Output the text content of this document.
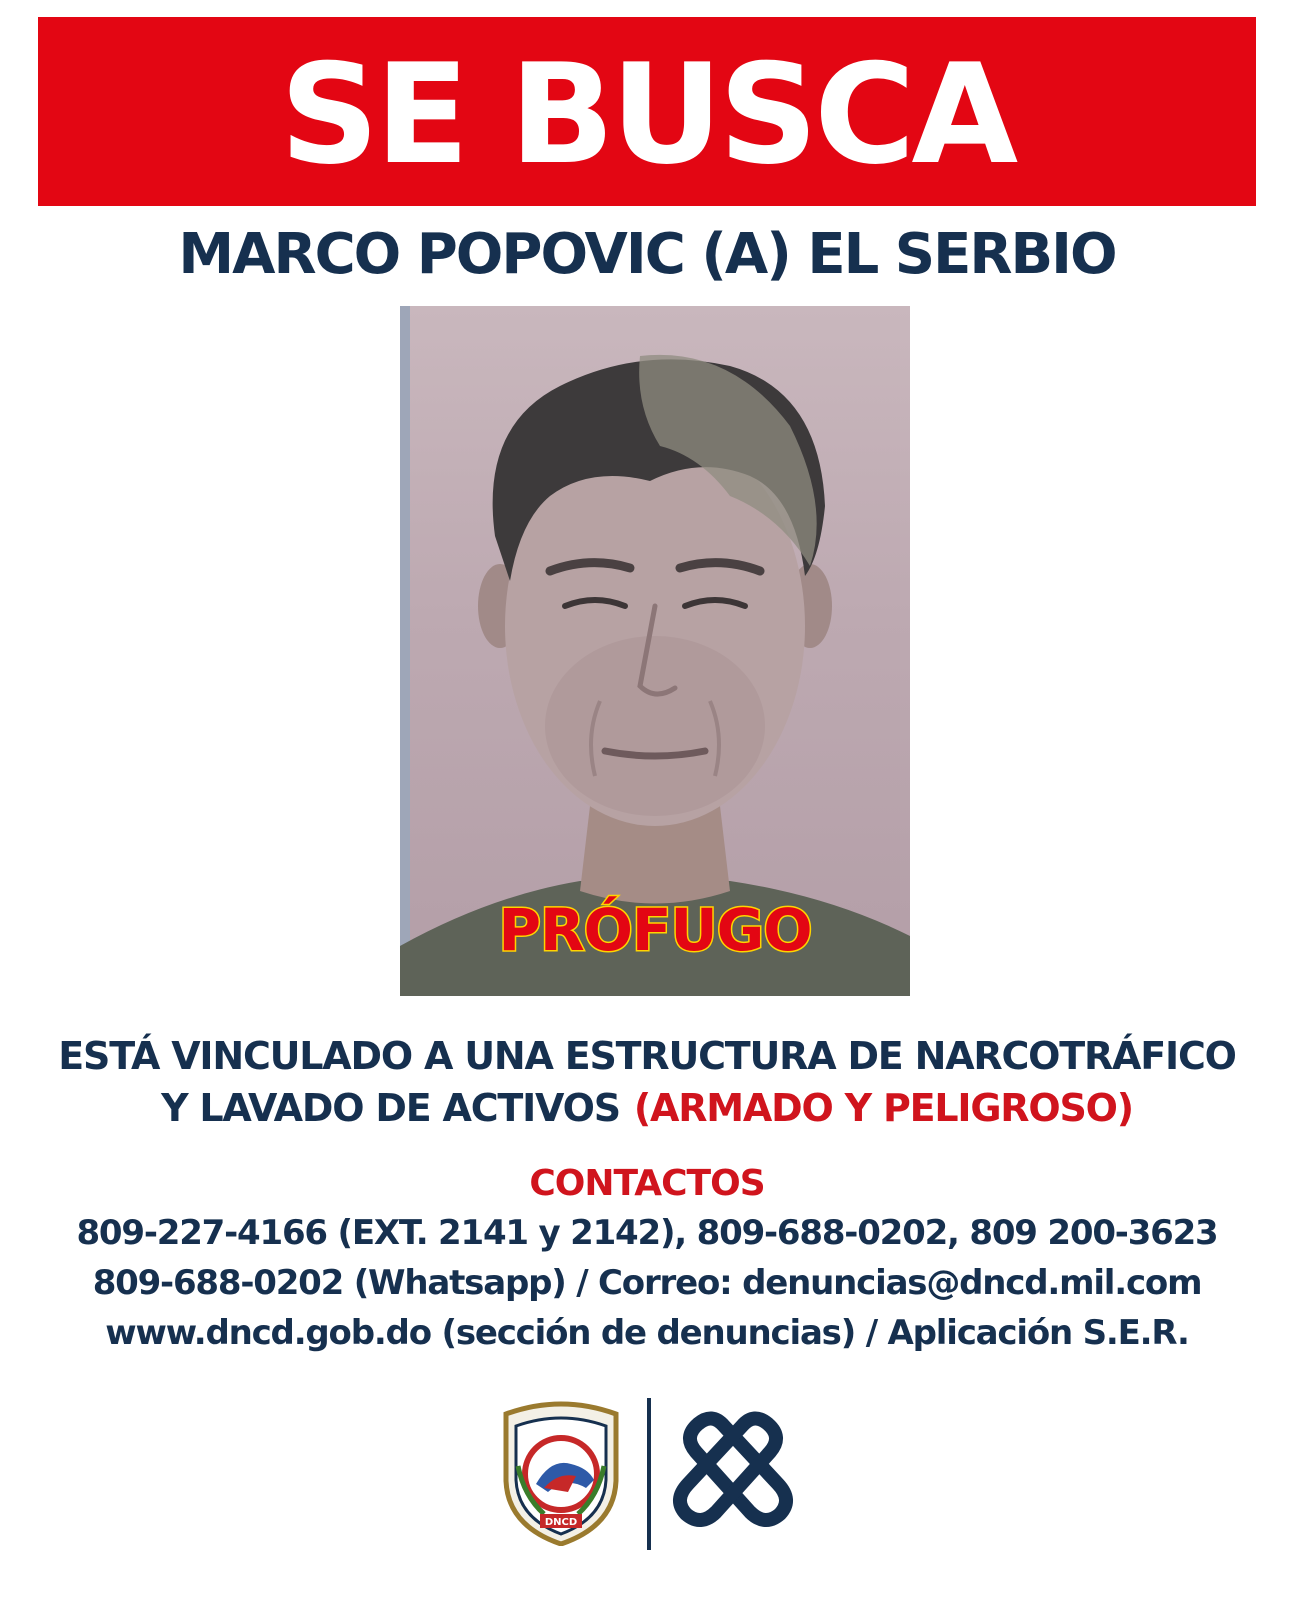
SE BUSCA
MARCO POPOVIC (A) EL SERBIO
PRÓFUGO
ESTÁ VINCULADO A UNA ESTRUCTURA DE NARCOTRÁFICO
Y LAVADO DE ACTIVOS (ARMADO Y PELIGROSO)
CONTACTOS
809-227-4166 (EXT. 2141 y 2142), 809-688-0202, 809 200-3623
809-688-0202 (Whatsapp) / Correo: denuncias@dncd.mil.com
www.dncd.gob.do (sección de denuncias) / Aplicación S.E.R.
DNCD
